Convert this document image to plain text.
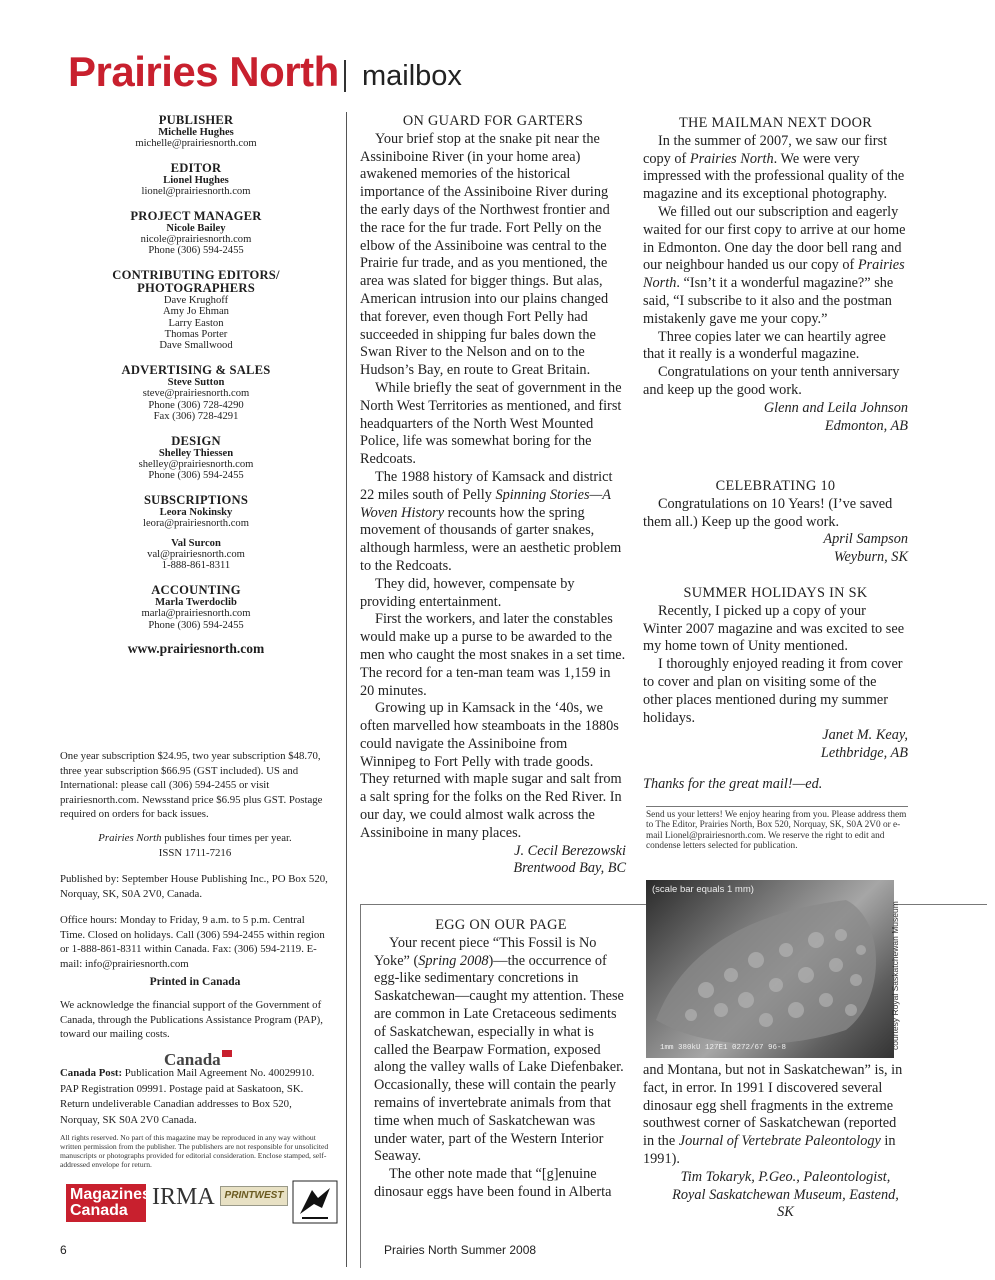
Prairies North mailbox
PUBLISHER
Michelle Hughes
michelle@prairiesnorth.com
EDITOR
Lionel Hughes
lionel@prairiesnorth.com
PROJECT MANAGER
Nicole Bailey
nicole@prairiesnorth.com
Phone (306) 594-2455
CONTRIBUTING EDITORS/
PHOTOGRAPHERS
Dave Krughoff
Amy Jo Ehman
Larry Easton
Thomas Porter
Dave Smallwood
ADVERTISING & SALES
Steve Sutton
steve@prairiesnorth.com
Phone (306) 728-4290
Fax (306) 728-4291
DESIGN
Shelley Thiessen
shelley@prairiesnorth.com
Phone (306) 594-2455
SUBSCRIPTIONS
Leora Nokinsky
leora@prairiesnorth.com
Val Surcon
val@prairiesnorth.com
1-888-861-8311
ACCOUNTING
Marla Twerdoclib
marla@prairiesnorth.com
Phone (306) 594-2455
www.prairiesnorth.com
One year subscription $24.95, two year subscription $48.70, three year subscription $66.95 (GST included). US and International: please call (306) 594-2455 or visit prairiesnorth.com. Newsstand price $6.95 plus GST. Postage required on orders for back issues.
Prairies North publishes four times per year.
ISSN 1711-7216
Published by: September House Publishing Inc., PO Box 520, Norquay, SK, S0A 2V0, Canada.
Office hours: Monday to Friday, 9 a.m. to 5 p.m. Central Time. Closed on holidays. Call (306) 594-2455 within region or 1-888-861-8311 within Canada. Fax: (306) 594-2119. E-mail: info@prairiesnorth.com
Printed in Canada
We acknowledge the financial support of the Government of Canada, through the Publications Assistance Program (PAP), toward our mailing costs.
Canada
Canada Post: Publication Mail Agreement No. 40029910.
PAP Registration 09991. Postage paid at Saskatoon, SK.
Return undeliverable Canadian addresses to Box 520,
Norquay, SK S0A 2V0 Canada.
All rights reserved. No part of this magazine may be reproduced in any way without written permission from the publisher. The publishers are not responsible for unsolicited manuscripts or photographs provided for editorial consideration. Enclose stamped, self-addressed envelope for return.
Magazines Canada
IRMA PRINTWEST
ON GUARD FOR GARTERS

Your brief stop at the snake pit near the Assiniboine River (in your home area) awakened memories of the historical importance of the Assiniboine River during the early days of the Northwest frontier and the race for the fur trade. Fort Pelly on the elbow of the Assiniboine was central to the Prairie fur trade, and as you mentioned, the area was slated for bigger things. But alas, American intrusion into our plains changed that forever, even though Fort Pelly had succeeded in shipping fur bales down the Swan River to the Nelson and on to the Hudson’s Bay, en route to Great Britain.

While briefly the seat of government in the North West Territories as mentioned, and first headquarters of the North West Mounted Police, life was somewhat boring for the Redcoats.

The 1988 history of Kamsack and district 22 miles south of Pelly Spinning Stories—A Woven History recounts how the spring movement of thousands of garter snakes, although harmless, were an aesthetic problem to the Redcoats.

They did, however, compensate by providing entertainment.

First the workers, and later the constables would make up a purse to be awarded to the men who caught the most snakes in a set time. The record for a ten-man team was 1,159 in 20 minutes.

Growing up in Kamsack in the ‘40s, we often marvelled how steamboats in the 1880s could navigate the Assiniboine from Winnipeg to Fort Pelly with trade goods. They returned with maple sugar and salt from a salt spring for the folks on the Red River. In our day, we could almost walk across the Assiniboine in many places.

J. Cecil Berezowski
Brentwood Bay, BC
THE MAILMAN NEXT DOOR

In the summer of 2007, we saw our first copy of Prairies North. We were very impressed with the professional quality of the magazine and its exceptional photography.

We filled out our subscription and eagerly waited for our first copy to arrive at our home in Edmonton. One day the door bell rang and our neighbour handed us our copy of Prairies North. “Isn’t it a wonderful magazine?” she said, “I subscribe to it also and the postman mistakenly gave me your copy.”

Three copies later we can heartily agree that it really is a wonderful magazine.

Congratulations on your tenth anniversary and keep up the good work.

Glenn and Leila Johnson
Edmonton, AB
CELEBRATING 10

Congratulations on 10 Years! (I’ve saved them all.) Keep up the good work.

April Sampson
Weyburn, SK
SUMMER HOLIDAYS IN SK

Recently, I picked up a copy of your Winter 2007 magazine and was excited to see my home town of Unity mentioned.

I thoroughly enjoyed reading it from cover to cover and plan on visiting some of the other places mentioned during my summer holidays.

Janet M. Keay,
Lethbridge, AB
Thanks for the great mail!—ed.
Send us your letters! We enjoy hearing from you. Please address them to The Editor, Prairies North, Box 520, Norquay, SK, S0A 2V0 or e-mail Lionel@prairiesnorth.com. We reserve the right to edit and condense letters selected for publication.
EGG ON OUR PAGE

Your recent piece “This Fossil is No Yoke” (Spring 2008)—the occurrence of egg-like sedimentary concretions in Saskatchewan—caught my attention. These are common in Late Cretaceous sediments of Saskatchewan, especially in what is called the Bearpaw Formation, exposed along the valley walls of Lake Diefenbaker. Occasionally, these will contain the pearly remains of invertebrate animals from that time when much of Saskatchewan was under water, part of the Western Interior Seaway.

The other note made that “[g]enuine dinosaur eggs have been found in Alberta

(scale bar equals 1 mm)
1mm 380kU 127E1 0272/67 96-8	courtesy Royal Saskatchewan Museum

and Montana, but not in Saskatchewan” is, in fact, in error. In 1991 I discovered several dinosaur egg shell fragments in the extreme southwest corner of Saskatchewan (reported in the Journal of Vertebrate Paleontology in 1991).

Tim Tokaryk, P.Geo., Paleontologist,
Royal Saskatchewan Museum, Eastend, SK
6	Prairies North Summer 2008
